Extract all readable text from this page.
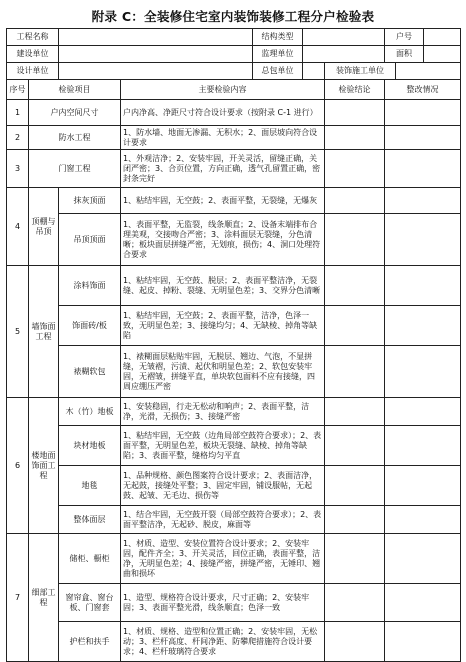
附录 C：全装修住宅室内装饰装修工程分户检验表
工程名称				结构类型			户号

建设单位				监理单位			面积

设计单位				总包单位		装饰施工单位	

序号	检验项目		主要检验内容			检验结论	整改情况
1	户内空间尺寸		户内净高、净距尺寸符合设计要求（按附录 C-1 进行）				
2	防水工程		1、防水墙、地面无渗漏、无积水；2、面层坡向符合设计要求				
3	门窗工程		1、外观洁净；2、安装牢固，开关灵活，留缝正确，关闭严密；3、合页位置，方向正确，透气孔留置正确，密封条完好				
4	顶棚与吊顶	抹灰顶面	1、粘结牢固，无空鼓；2、表面平整，无裂缝，无爆灰				
		吊顶顶面	1、表面平整，无监裂，线条顺直；2、设备末端排布合理美观，交接吻合严密；3、涂料面层无裂缝，分色清晰；板块面层拼缝严密，无划痕，损伤；4、洞口处理符合要求				
5	墙饰面工程	涂料饰面	1、粘结牢固，无空鼓、脱层；2、表面平整洁净，无裂缝、起皮、掉粉、裂缝、无明显色差；3、交界分色清晰				
		饰面砖/板	1、粘结牢固，无空鼓；2、表面平整，洁净，色泽一致，无明显色差；3、接缝均匀；4、无缺棱、掉角等缺陷				
		裱糊软包	1、裱糊面层粘贴牢固，无脱层、翘边、气泡，不显拼缝，无皱褶，污渍、起伏和明显色差；2、软包安装牢固，无褶皱，拼缝平直，单块软包面料不应有接缝，四周应绷压严密				
6	楼地面饰面工程	木（竹）地板	1、安装稳固，行走无松动和响声；2、表面平整，洁净，光滑，无损伤；3、接缝严密				
		块材地板	1、粘结牢固，无空鼓（边角局部空鼓符合要求）；2、表面平整，无明显色差，板块无裂缝、缺棱、掉角等缺陷；3、表面平整，缝格均匀平直				
		地毯	1、品种规格、颜色图案符合设计要求；2、表面洁净，无起鼓，接缝处平整；3、固定牢固，铺设服帖，无起鼓、起皱、无毛边、损伤等				
		整体面层	1、结合牢固，无空鼓开裂（局部空鼓符合要求）；2、表面平整洁净，无起砂、脱皮，麻面等				
7	细部工程	储柜、橱柜	1、材质、造型、安装位置符合设计要求；2、安装牢固，配件齐全；3、开关灵活，回位正确，表面平整，洁净，无明显色差；4、接缝严密，拼缝严密，无锤印、翘曲和损坏				
		窗帘盒、窗台板、门窗套	1、造型、规格符合设计要求，尺寸正确；2、安装牢固；3、表面平整光滑，线条顺直；色泽一致				
		护栏和扶手	1、材质、规格、造型和位置正确；2、安装牢固，无松动；3、栏杆高度、杆间净距、防攀爬措施符合设计要求；4、栏杆玻璃符合要求				
